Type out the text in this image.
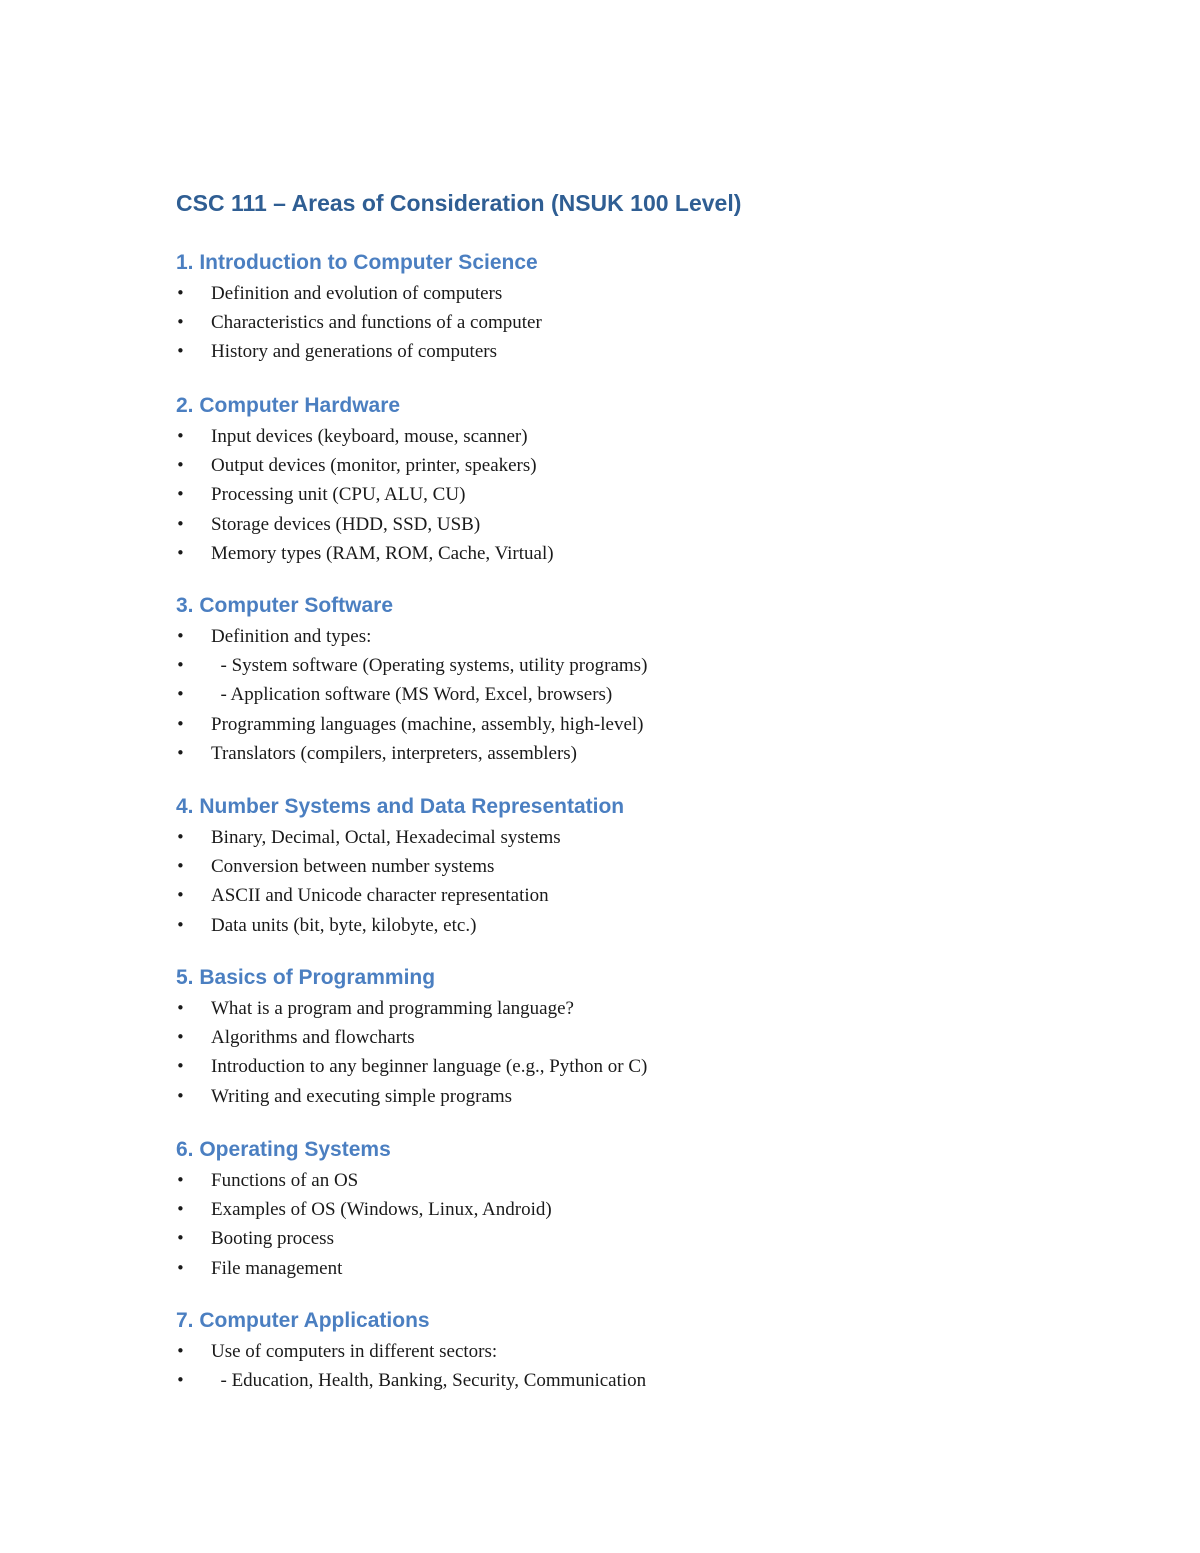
CSC 111 – Areas of Consideration (NSUK 100 Level)
1. Introduction to Computer Science
• Definition and evolution of computers
• Characteristics and functions of a computer
• History and generations of computers
2. Computer Hardware
• Input devices (keyboard, mouse, scanner)
• Output devices (monitor, printer, speakers)
• Processing unit (CPU, ALU, CU)
• Storage devices (HDD, SSD, USB)
• Memory types (RAM, ROM, Cache, Virtual)
3. Computer Software
• Definition and types:
• - System software (Operating systems, utility programs)
• - Application software (MS Word, Excel, browsers)
• Programming languages (machine, assembly, high-level)
• Translators (compilers, interpreters, assemblers)
4. Number Systems and Data Representation
• Binary, Decimal, Octal, Hexadecimal systems
• Conversion between number systems
• ASCII and Unicode character representation
• Data units (bit, byte, kilobyte, etc.)
5. Basics of Programming
• What is a program and programming language?
• Algorithms and flowcharts
• Introduction to any beginner language (e.g., Python or C)
• Writing and executing simple programs
6. Operating Systems
• Functions of an OS
• Examples of OS (Windows, Linux, Android)
• Booting process
• File management
7. Computer Applications
• Use of computers in different sectors:
• - Education, Health, Banking, Security, Communication
